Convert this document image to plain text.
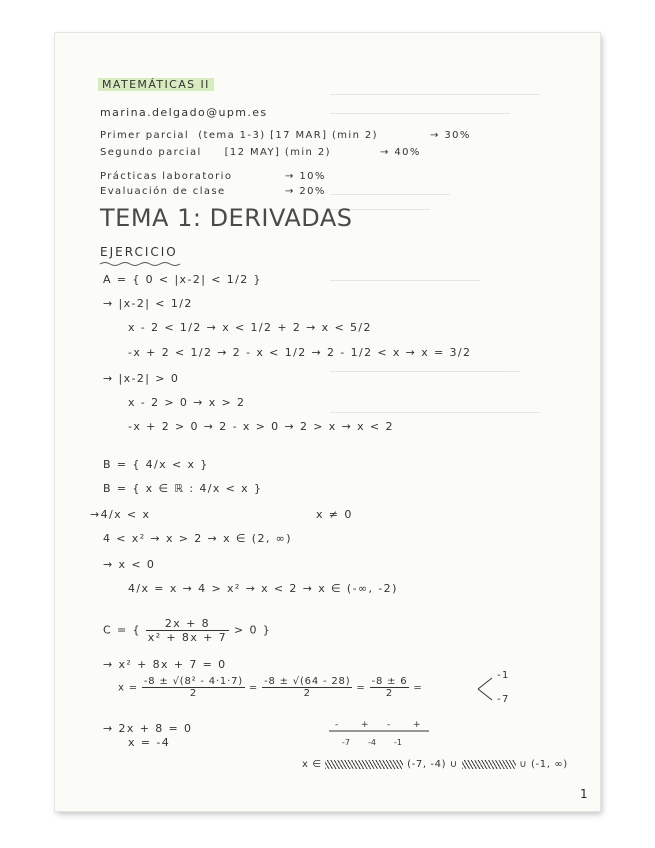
MATEMÁTICAS II
marina.delgado@upm.es
Primer parcial (tema 1-3) [17 MAR] (min 2)	→ 30%
Segundo parcial [12 MAY] (min 2)	→ 40%
Prácticas laboratorio	→ 10%
Evaluación de clase	→ 20%
TEMA 1: DERIVADAS
EJERCICIO
A = { 0 < |x-2| < 1/2 }
→ |x-2| < 1/2
x - 2 < 1/2 → x < 1/2 + 2 → x < 5/2
-x + 2 < 1/2 → 2 - x < 1/2 → 2 - 1/2 < x → x = 3/2
→ |x-2| > 0
x - 2 > 0 → x > 2
-x + 2 > 0 → 2 - x > 0 → 2 > x → x < 2
B = { 4/x < x }
B = { x ∈ ℝ : 4/x < x }
→4/x < x	x ≠ 0
4 < x² → x > 2 → x ∈ (2, ∞)
→ x < 0
4/x = x → 4 > x² → x < 2 → x ∈ (-∞, -2)
C = { $\frac{2x + 8}{\text{x² + 8x + 7}} > 0$ }
→ x² + 8x + 7 = 0
$x = \frac{\text{-8 ± √(8² - 4·1·7)}}{2} = \frac{-8 \pm √(64 - 28)}{2} = \frac{-8 \pm 6}{2}$ =
-1
-7
→ 2x + 8 = 0
x = -4
-	+ -	+
-7 -4 -1
x ∈	(-7, -4) ∪	∪ (-1, ∞)
1
